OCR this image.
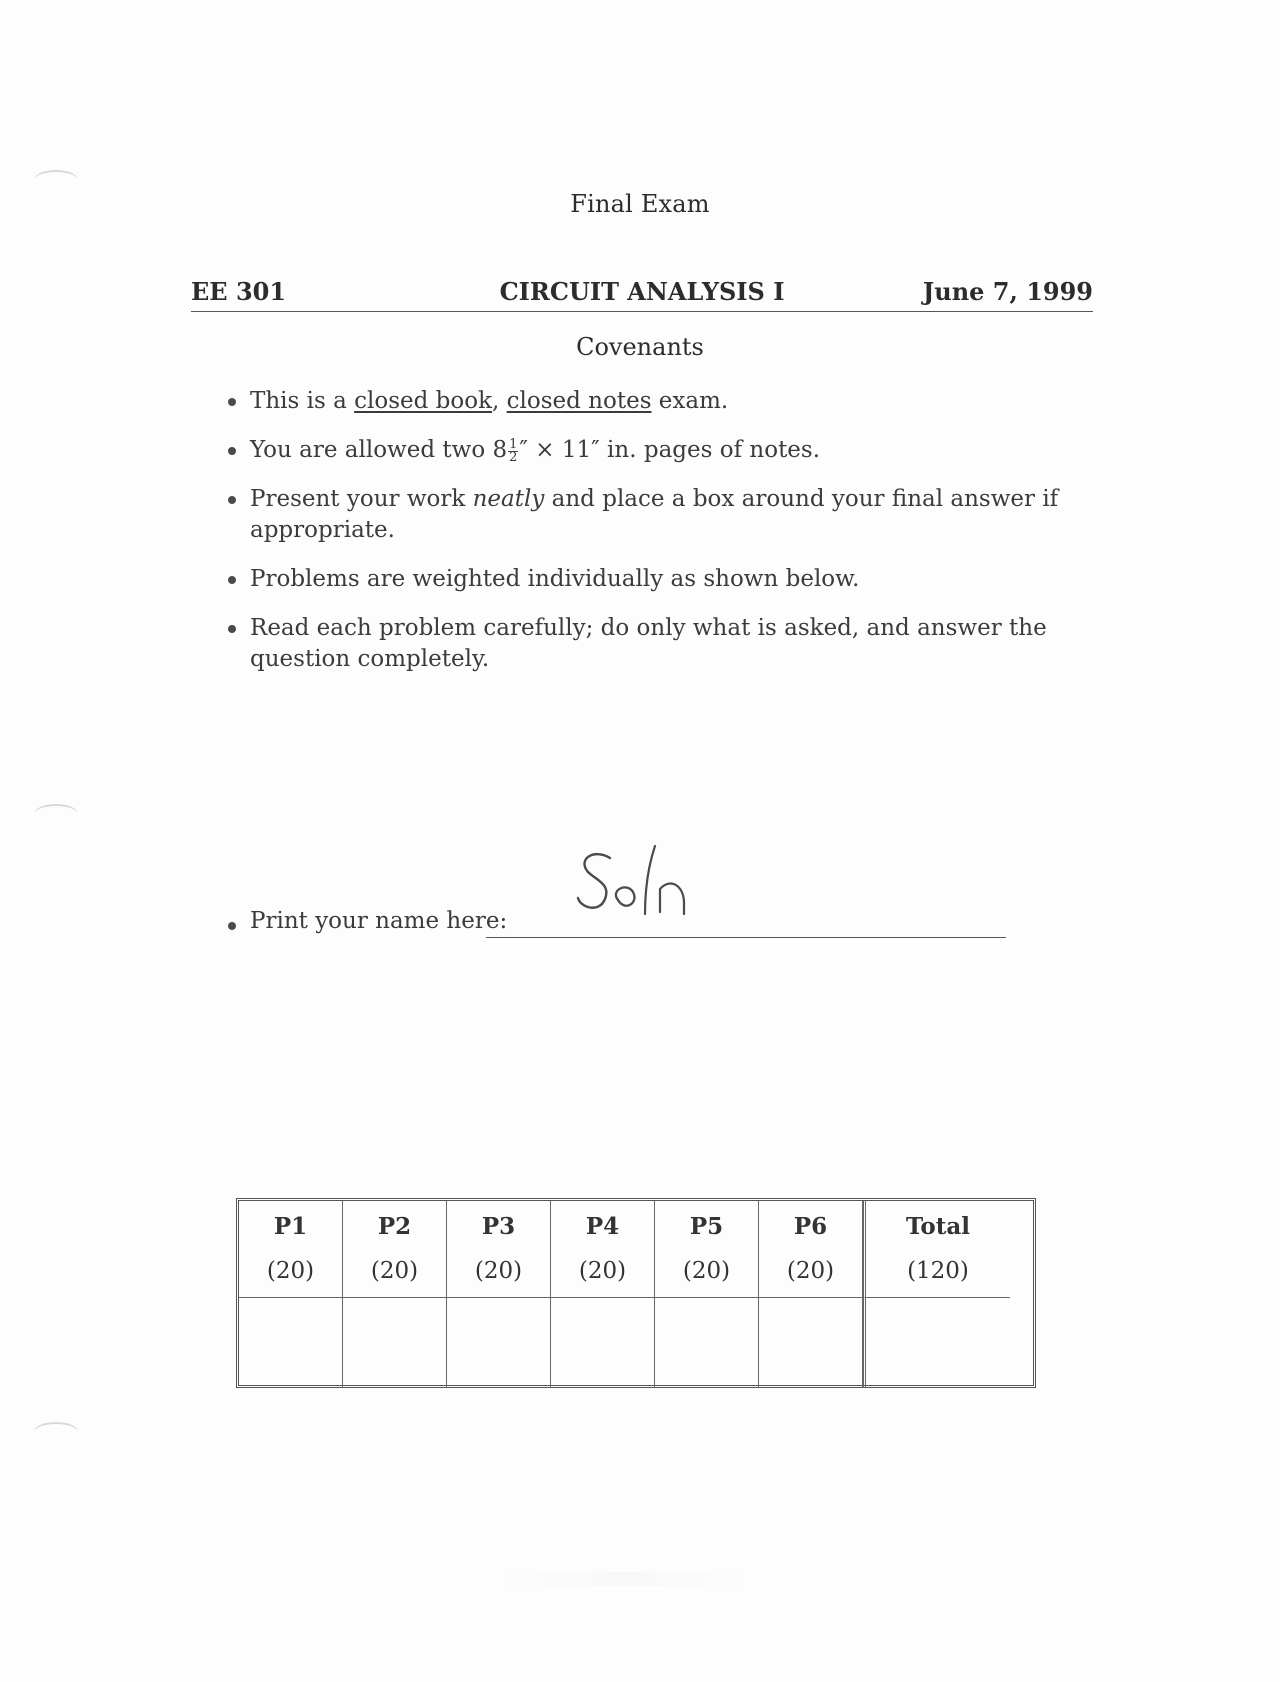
Final Exam
EE 301	CIRCUIT ANALYSIS I	June 7, 1999
Covenants
This is a closed book, closed notes exam.
You are allowed two $8 \frac{1}{2}$ ″ × 11″ in. pages of notes.
Present your work neatly and place a box around your final answer if appropriate.
Problems are weighted individually as shown below.
Read each problem carefully; do only what is asked, and answer the question completely.
Print your name here:
P1
(20)
P2
(20)
P3
(20)
P4
(20)
P5
(20)
P6
(20)
Total
(120)
